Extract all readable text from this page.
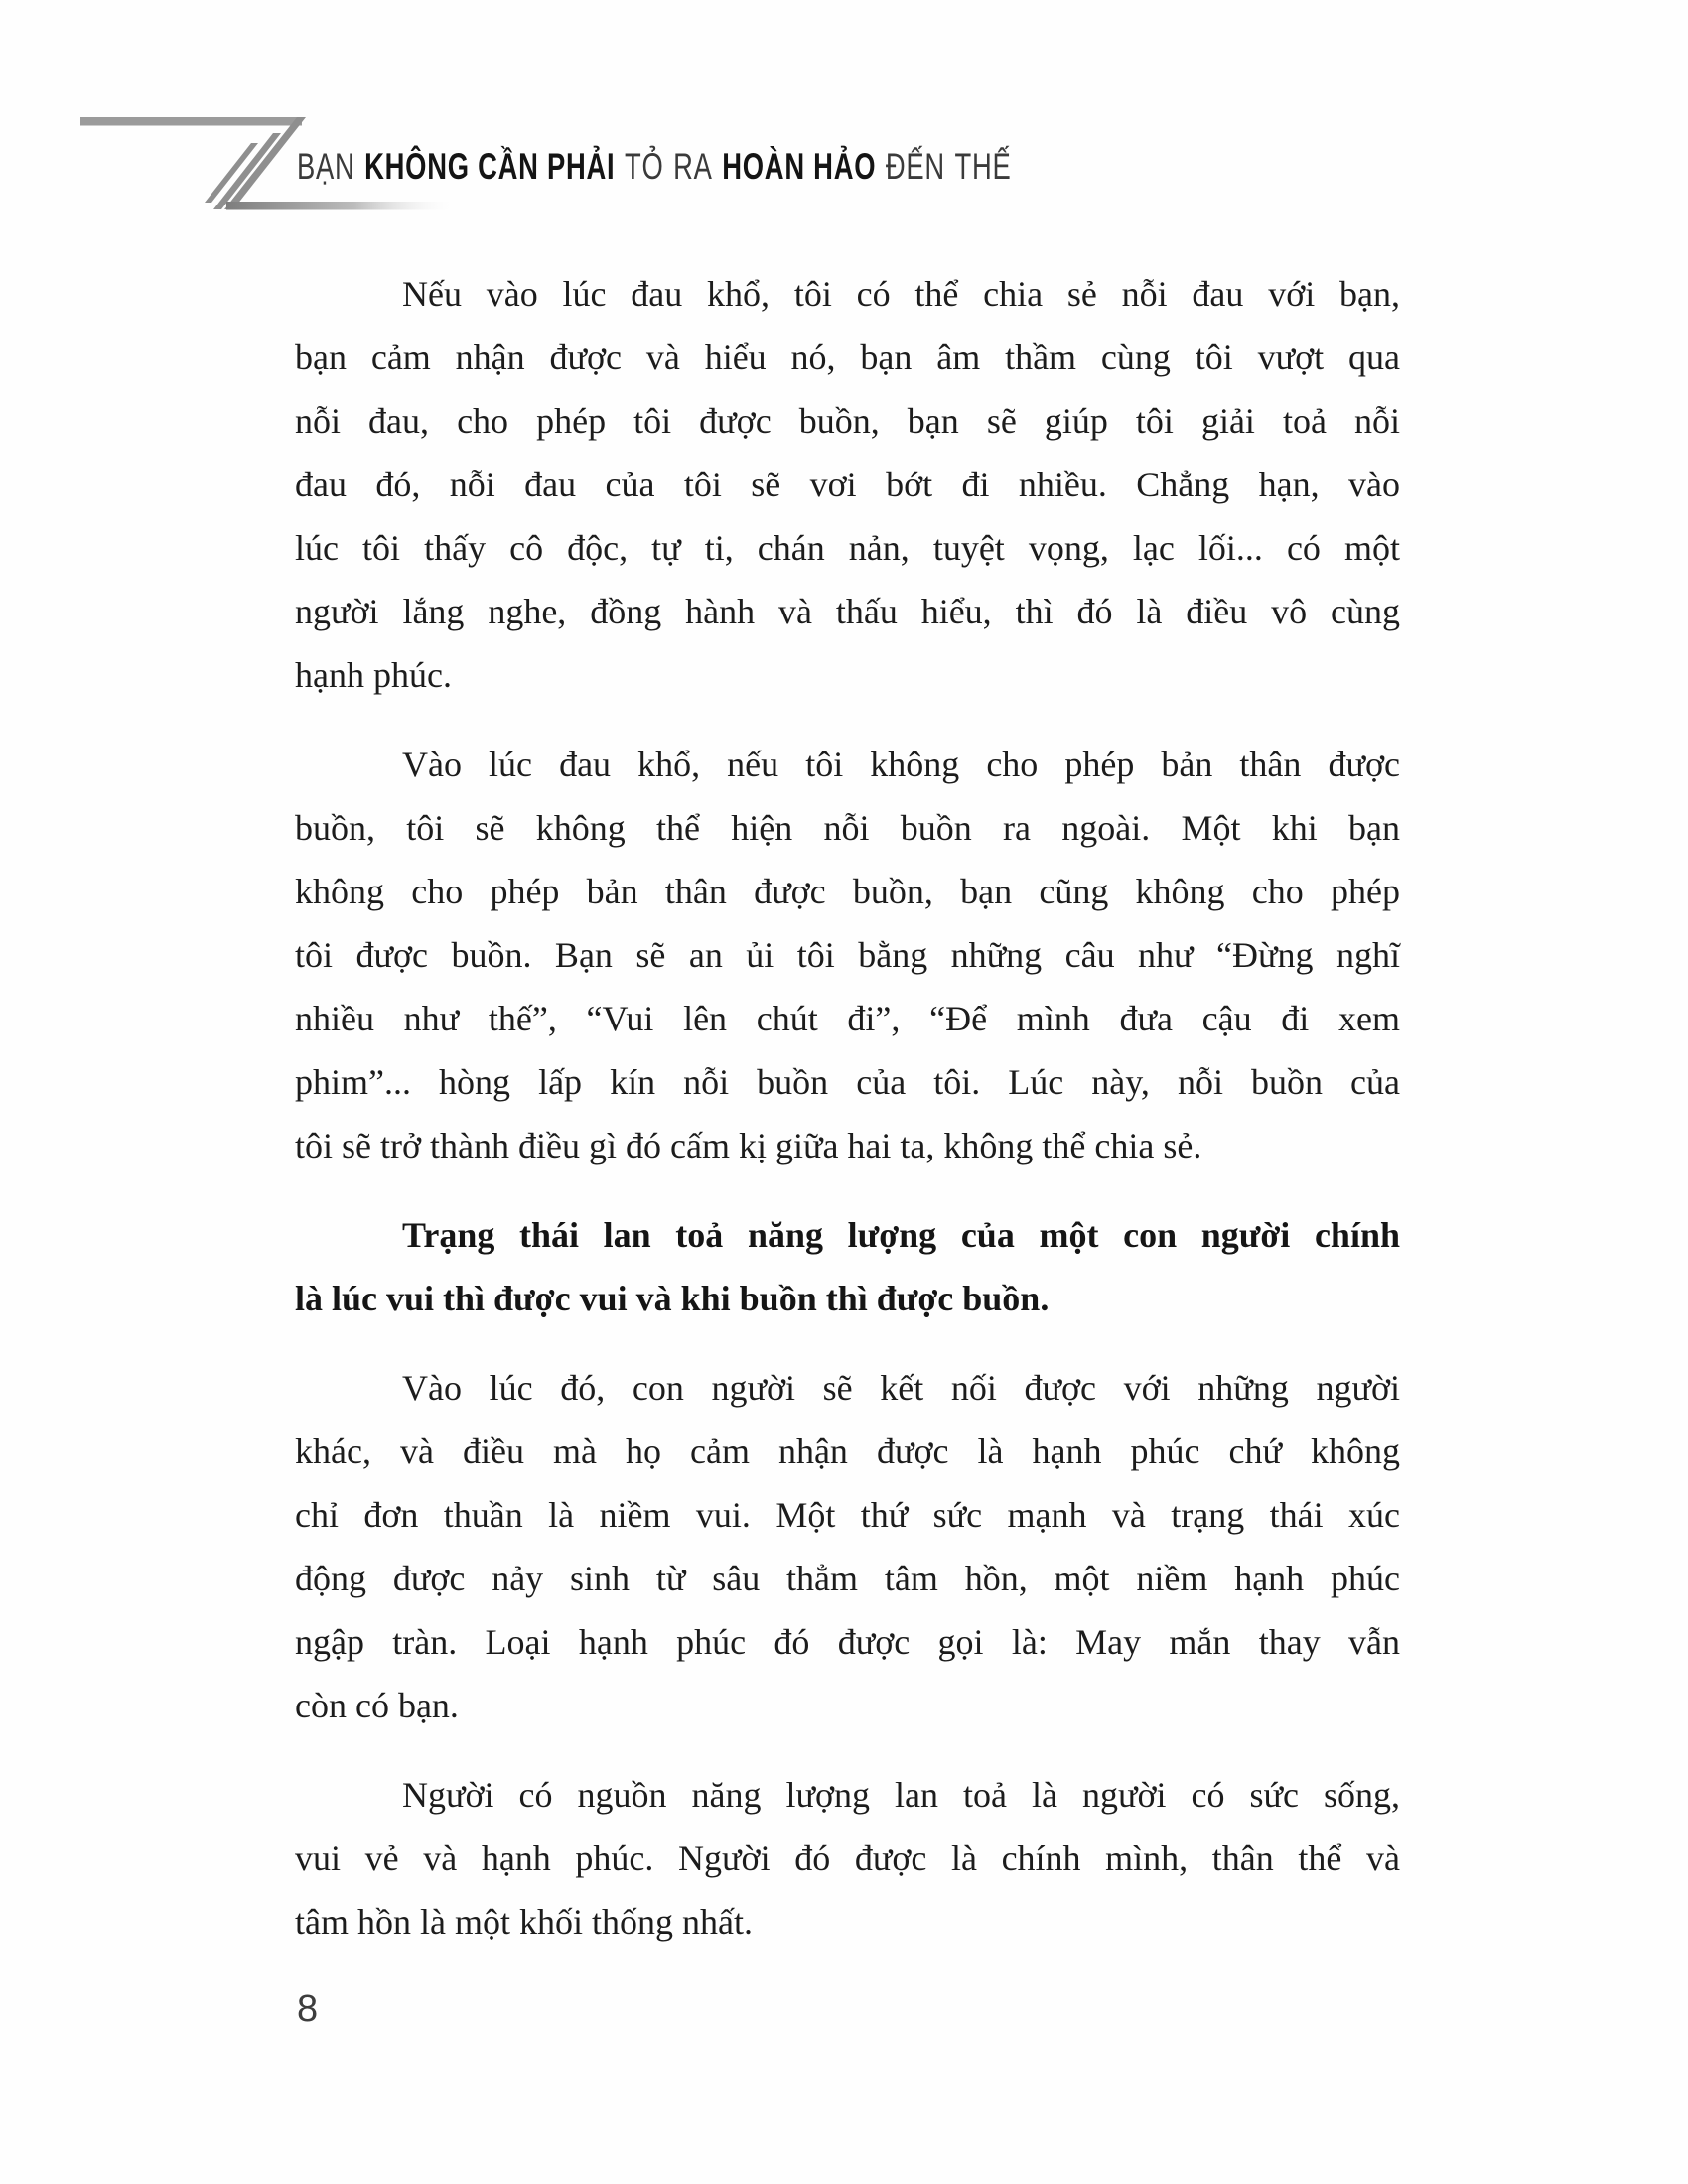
BẠN KHÔNG CẦN PHẢI TỎ RA HOÀN HẢO ĐẾN THẾ

Nếu vào lúc đau khổ, tôi có thể chia sẻ nỗi đau với bạn,
bạn cảm nhận được và hiểu nó, bạn âm thầm cùng tôi vượt qua
nỗi đau, cho phép tôi được buồn, bạn sẽ giúp tôi giải toả nỗi
đau đó, nỗi đau của tôi sẽ vơi bớt đi nhiều. Chẳng hạn, vào
lúc tôi thấy cô độc, tự ti, chán nản, tuyệt vọng, lạc lối... có một
người lắng nghe, đồng hành và thấu hiểu, thì đó là điều vô cùng
hạnh phúc.

Vào lúc đau khổ, nếu tôi không cho phép bản thân được
buồn, tôi sẽ không thể hiện nỗi buồn ra ngoài. Một khi bạn
không cho phép bản thân được buồn, bạn cũng không cho phép
tôi được buồn. Bạn sẽ an ủi tôi bằng những câu như “Đừng nghĩ
nhiều như thế”, “Vui lên chút đi”, “Để mình đưa cậu đi xem
phim”... hòng lấp kín nỗi buồn của tôi. Lúc này, nỗi buồn của
tôi sẽ trở thành điều gì đó cấm kị giữa hai ta, không thể chia sẻ.

Trạng thái lan toả năng lượng của một con người chính
là lúc vui thì được vui và khi buồn thì được buồn.

Vào lúc đó, con người sẽ kết nối được với những người
khác, và điều mà họ cảm nhận được là hạnh phúc chứ không
chỉ đơn thuần là niềm vui. Một thứ sức mạnh và trạng thái xúc
động được nảy sinh từ sâu thẳm tâm hồn, một niềm hạnh phúc
ngập tràn. Loại hạnh phúc đó được gọi là: May mắn thay vẫn
còn có bạn.

Người có nguồn năng lượng lan toả là người có sức sống,
vui vẻ và hạnh phúc. Người đó được là chính mình, thân thể và
tâm hồn là một khối thống nhất.

8
